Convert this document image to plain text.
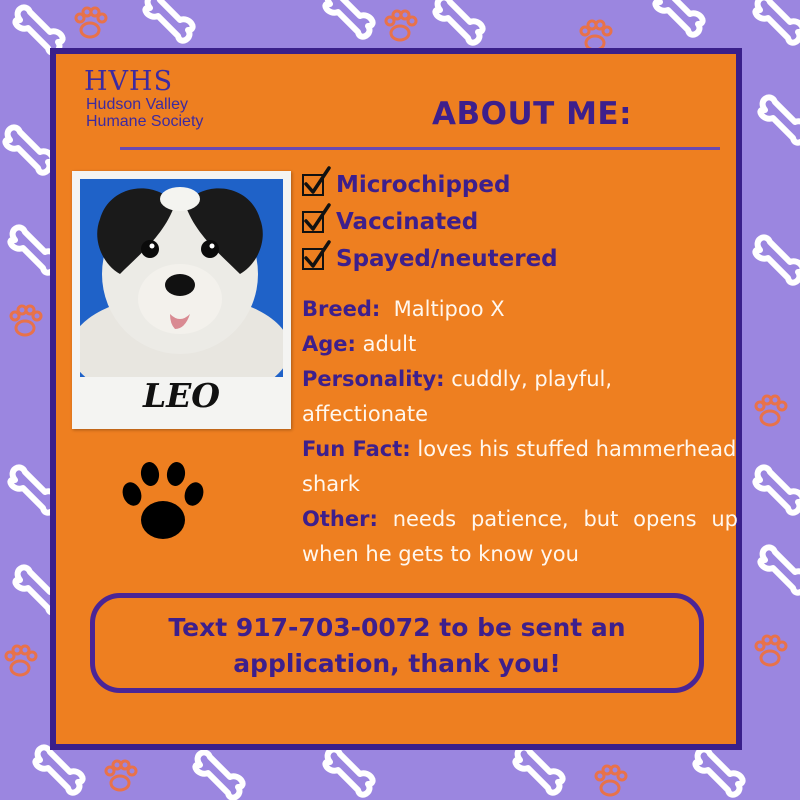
HVHS
Hudson Valley
Humane Society	ABOUT ME:
LEO
Microchipped
Vaccinated
Spayed/neutered
Breed: Maltipoo X
Age: adult
Personality: cuddly, playful, affectionate
Fun Fact: loves his stuffed hammerhead shark
Other: needs patience, but opens up when he gets to know you
Text 917-703-0072 to be sent an
application, thank you!
